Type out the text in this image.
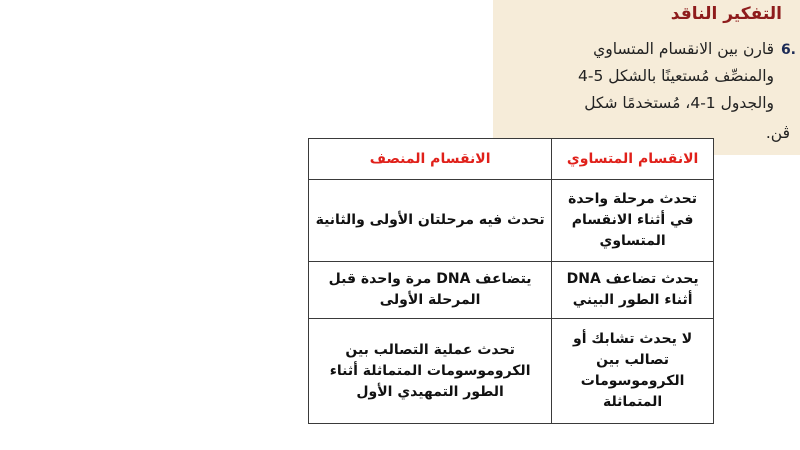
التفكير الناقد
6.
قارن بين الانقسام المتساوي
والمنصِّف مُستعينًا بالشكل 5-4
والجدول 1-4، مُستخدمًا شكل
ڤن.
الانقسام المتساوي	الانقسام المنصف
تحدث مرحلة واحدة في أثناء الانقسام المتساوي	تحدث فيه مرحلتان الأولى والثانية
يحدث تضاعف DNA أثناء الطور البيني	يتضاعف DNA مرة واحدة قبل المرحلة الأولى
لا يحدث تشابك أو تصالب بين الكروموسومات المتماثلة	تحدث عملية التصالب بين الكروموسومات المتماثلة أثناء الطور التمهيدي الأول
